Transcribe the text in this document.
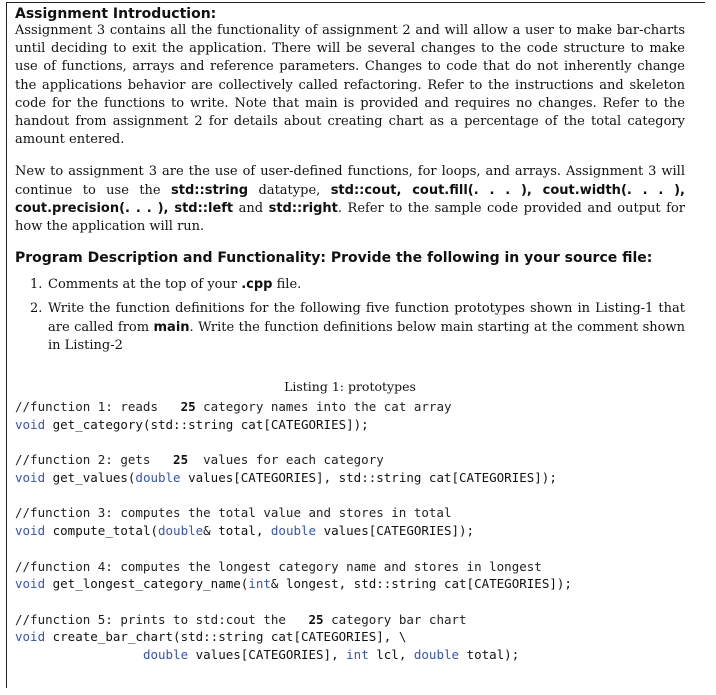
Assignment Introduction:

Assignment 3 contains all the functionality of assignment 2 and will allow a user to make bar-charts until deciding to exit the application. There will be several changes to the code structure to make use of functions, arrays and reference parameters. Changes to code that do not inherently change the applications behavior are collectively called refactoring. Refer to the instructions and skeleton code for the functions to write. Note that main is provided and requires no changes. Refer to the handout from assignment 2 for details about creating chart as a percentage of the total category amount entered.

New to assignment 3 are the use of user-defined functions, for loops, and arrays. Assignment 3 will continue to use the std::string datatype, std::cout, cout.fill(. . . ), cout.width(. . . ), cout.precision(. . . ), std::left and std::right. Refer to the sample code provided and output for how the application will run.

Program Description and Functionality: Provide the following in your source file:
1. Comments at the top of your .cpp file.
2. Write the function definitions for the following five function prototypes shown in Listing-1 that are called from main. Write the function definitions below main starting at the comment shown in Listing-2
Listing 1: prototypes
//function 1: reads   25 category names into the cat array
void get_category(std::string cat[CATEGORIES]);

//function 2: gets   25  values for each category
void get_values(double values[CATEGORIES], std::string cat[CATEGORIES]);

//function 3: computes the total value and stores in total
void compute_total(double& total, double values[CATEGORIES]);

//function 4: computes the longest category name and stores in longest
void get_longest_category_name(int& longest, std::string cat[CATEGORIES]);

//function 5: prints to std:cout the   25 category bar chart
void create_bar_chart(std::string cat[CATEGORIES], \
double values[CATEGORIES], int lcl, double total);
